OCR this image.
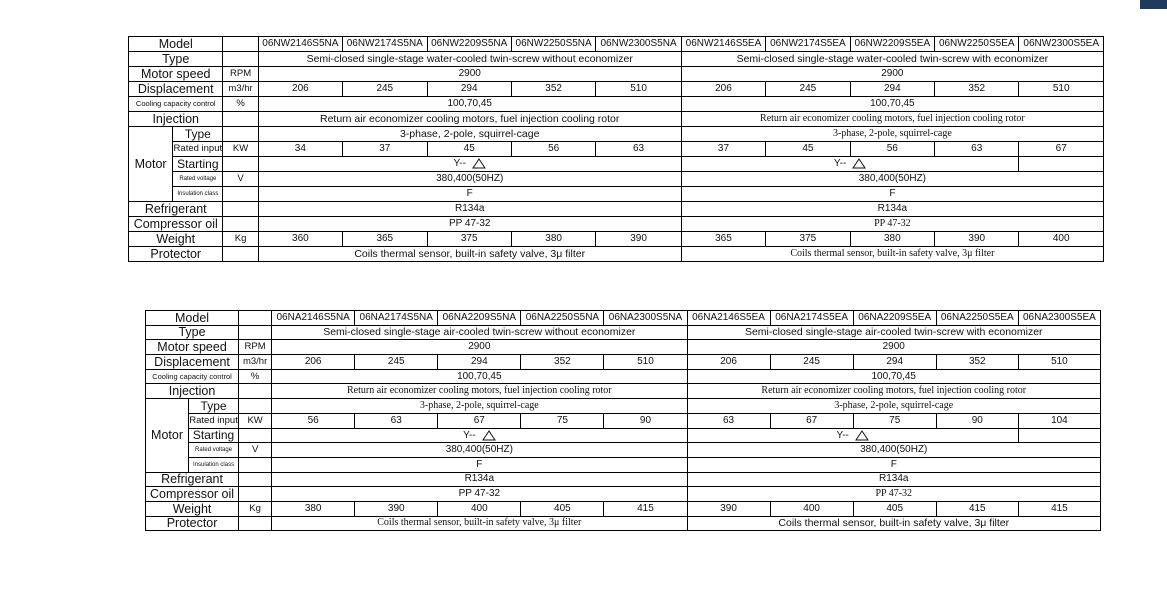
Model			06NW2146S5NA	06NW2174S5NA	06NW2209S5NA	06NW2250S5NA	06NW2300S5NA	06NW2146S5EA	06NW2174S5EA	06NW2209S5EA	06NW2250S5EA	06NW2300S5EA
Type			Semi-closed single-stage water-cooled twin-screw without economizer					Semi-closed single-stage water-cooled twin-screw with economizer				
Motor speed		RPM	2900					2900				
Displacement		m3/hr	206	245	294	352	510	206	245	294	352	510
Cooling capacity control		%	100,70,45					100,70,45				
Injection			Return air economizer cooling motors, fuel injection cooling rotor					Return air economizer cooling motors, fuel injection cooling rotor				
Motor	Type		3-phase, 2-pole, squirrel-cage					3-phase, 2-pole, squirrel-cage				
	Rated input	KW	34	37	45	56	63	37	45	56	63	67
	Starting		Y--					Y--				
	Rated voltage	V	380,400(50HZ)					380,400(50HZ)				
	Insulation class		F					F				
Refrigerant			R134a					R134a				
Compressor oil			PP 47-32					PP 47-32				
Weight		Kg	360	365	375	380	390	365	375	380	390	400
Protector			Coils thermal sensor, built-in safety valve, 3μ filter					Coils thermal sensor, built-in safety valve, 3μ filter				
Model			06NA2146S5NA	06NA2174S5NA	06NA2209S5NA	06NA2250S5NA	06NA2300S5NA	06NA2146S5EA	06NA2174S5EA	06NA2209S5EA	06NA2250S5EA	06NA2300S5EA
Type			Semi-closed single-stage air-cooled twin-screw without economizer					Semi-closed single-stage air-cooled twin-screw with economizer				
Motor speed		RPM	2900					2900				
Displacement		m3/hr	206	245	294	352	510	206	245	294	352	510
Cooling capacity control		%	100,70,45					100,70,45				
Injection			Return air economizer cooling motors, fuel injection cooling rotor					Return air economizer cooling motors, fuel injection cooling rotor				
Motor	Type		3-phase, 2-pole, squirrel-cage					3-phase, 2-pole, squirrel-cage				
	Rated input	KW	56	63	67	75	90	63	67	75	90	104
	Starting		Y--					Y--				
	Rated voltage	V	380,400(50HZ)					380,400(50HZ)				
	Insulation class		F					F				
Refrigerant			R134a					R134a				
Compressor oil			PP 47-32					PP 47-32				
Weight		Kg	380	390	400	405	415	390	400	405	415	415
Protector			Coils thermal sensor, built-in safety valve, 3μ filter					Coils thermal sensor, built-in safety valve, 3μ filter				
